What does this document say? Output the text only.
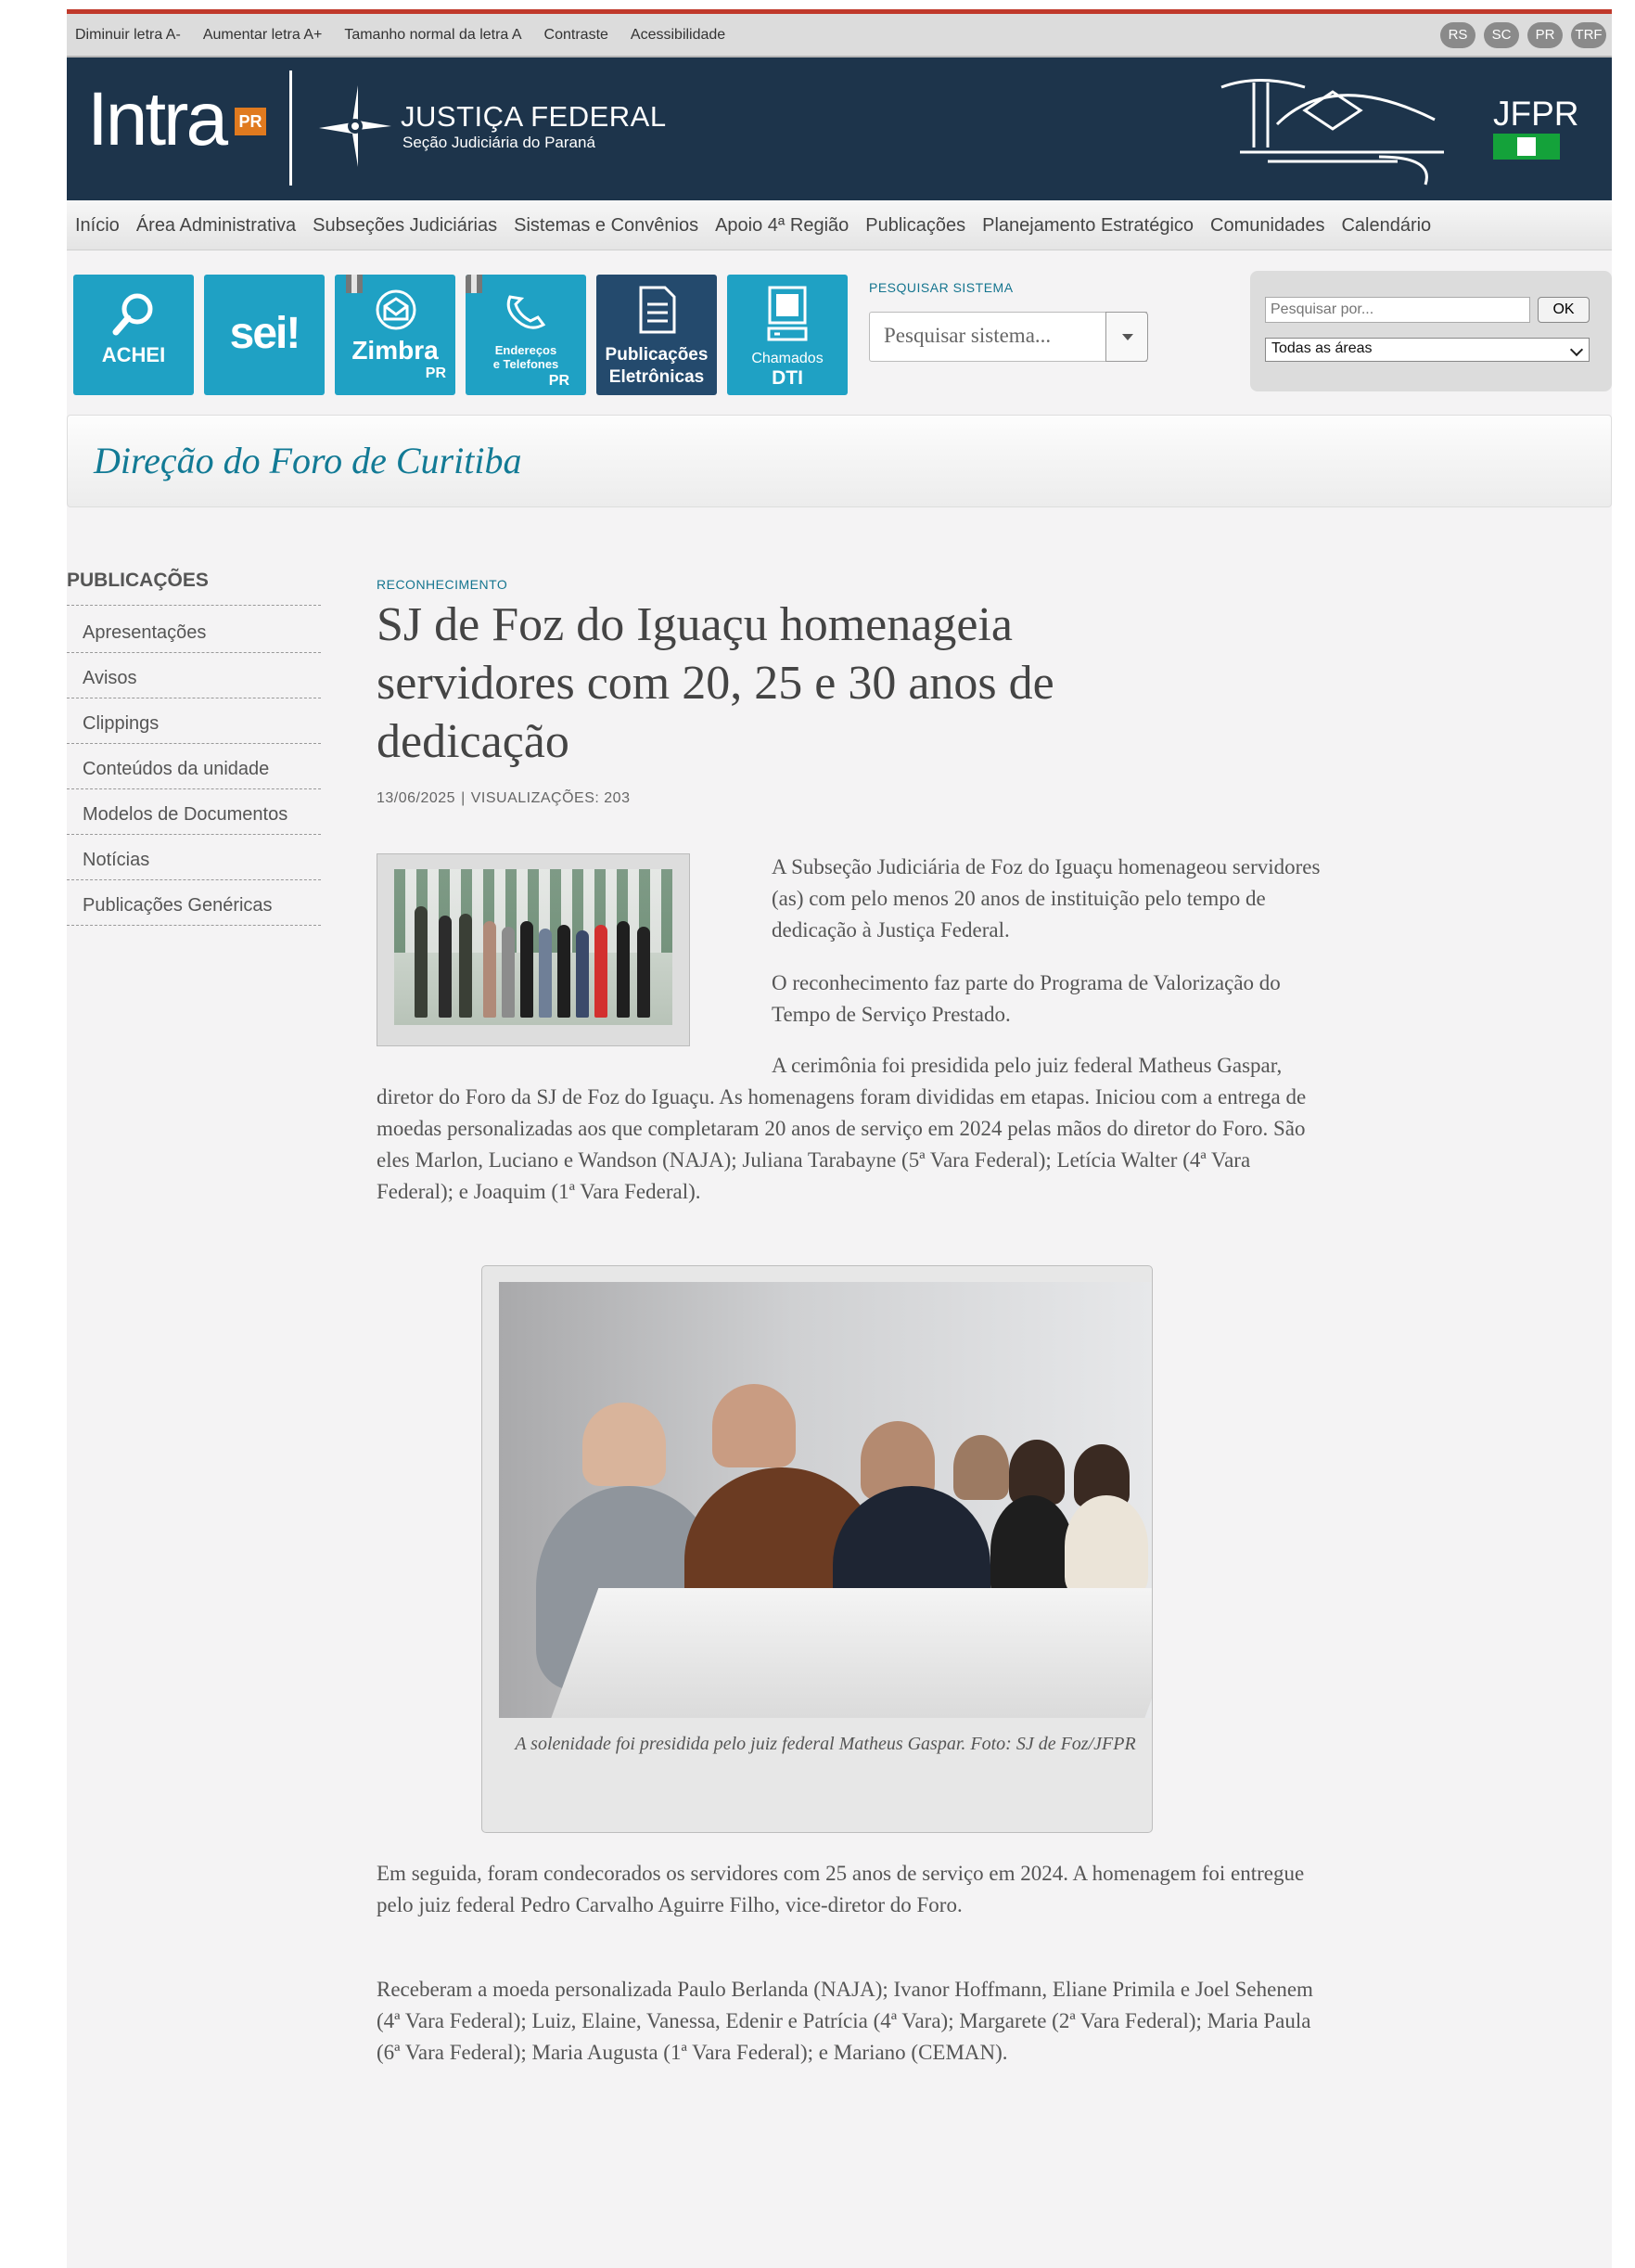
Diminuir letra A- Aumentar letra A+ Tamanho normal da letra A Contraste Acessibilidade	RS	SC	PR	TRF
Intra PR	JUSTIÇA FEDERAL
Seção Judiciária do Paraná
JFPR
Início Área Administrativa Subseções Judiciárias Sistemas e Convênios Apoio 4ª Região Publicações Planejamento Estratégico Comunidades Calendário
ACHEI	sei!	Zimbra
PR
Endereços
e Telefones
PR
Publicações
Eletrônicas
Chamados
DTI
PESQUISAR SISTEMA
Pesquisar sistema...
Pesquisar por...
OK
Todas as áreas
Direção do Foro de Curitiba
PUBLICAÇÕES
Apresentações
Avisos
Clippings
Conteúdos da unidade
Modelos de Documentos
Notícias
Publicações Genéricas
RECONHECIMENTO
SJ de Foz do Iguaçu homenageia servidores com 20, 25 e 30 anos de dedicação
13/06/2025 | VISUALIZAÇÕES: 203

A Subseção Judiciária de Foz do Iguaçu homenageou servidores (as) com pelo menos 20 anos de instituição pelo tempo de dedicação à Justiça Federal.

O reconhecimento faz parte do Programa de Valorização do Tempo de Serviço Prestado.

A cerimônia foi presidida pelo juiz federal Matheus Gaspar, diretor do Foro da SJ de Foz do Iguaçu. As homenagens foram divididas em etapas. Iniciou com a entrega de moedas personalizadas aos que completaram 20 anos de serviço em 2024 pelas mãos do diretor do Foro. São eles Marlon, Luciano e Wandson (NAJA); Juliana Tarabayne (5ª Vara Federal); Letícia Walter (4ª Vara Federal); e Joaquim (1ª Vara Federal).

A solenidade foi presidida pelo juiz federal Matheus Gaspar. Foto: SJ de Foz/JFPR

Em seguida, foram condecorados os servidores com 25 anos de serviço em 2024. A homenagem foi entregue pelo juiz federal Pedro Carvalho Aguirre Filho, vice-diretor do Foro.

Receberam a moeda personalizada Paulo Berlanda (NAJA); Ivanor Hoffmann, Eliane Primila e Joel Sehenem (4ª Vara Federal); Luiz, Elaine, Vanessa, Edenir e Patrícia (4ª Vara); Margarete (2ª Vara Federal); Maria Paula (6ª Vara Federal); Maria Augusta (1ª Vara Federal); e Mariano (CEMAN).
